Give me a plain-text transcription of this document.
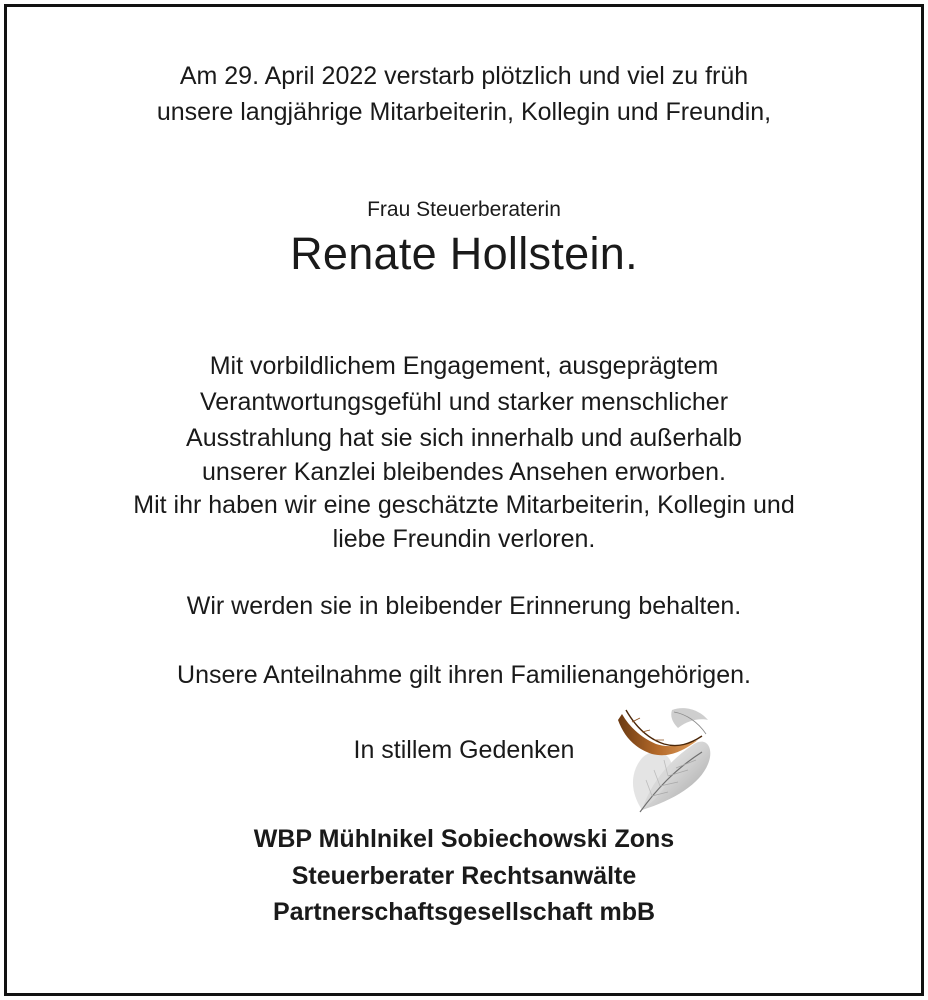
Am 29. April 2022 verstarb plötzlich und viel zu früh
unsere langjährige Mitarbeiterin, Kollegin und Freundin,
Frau Steuerberaterin
Renate Hollstein.
Mit vorbildlichem Engagement, ausgeprägtem
Verantwortungsgefühl und starker menschlicher
Ausstrahlung hat sie sich innerhalb und außerhalb
unserer Kanzlei bleibendes Ansehen erworben.
Mit ihr haben wir eine geschätzte Mitarbeiterin, Kollegin und
liebe Freundin verloren.
Wir werden sie in bleibender Erinnerung behalten.
Unsere Anteilnahme gilt ihren Familienangehörigen.
In stillem Gedenken
WBP Mühlnikel Sobiechowski Zons
Steuerberater Rechtsanwälte
Partnerschaftsgesellschaft mbB
